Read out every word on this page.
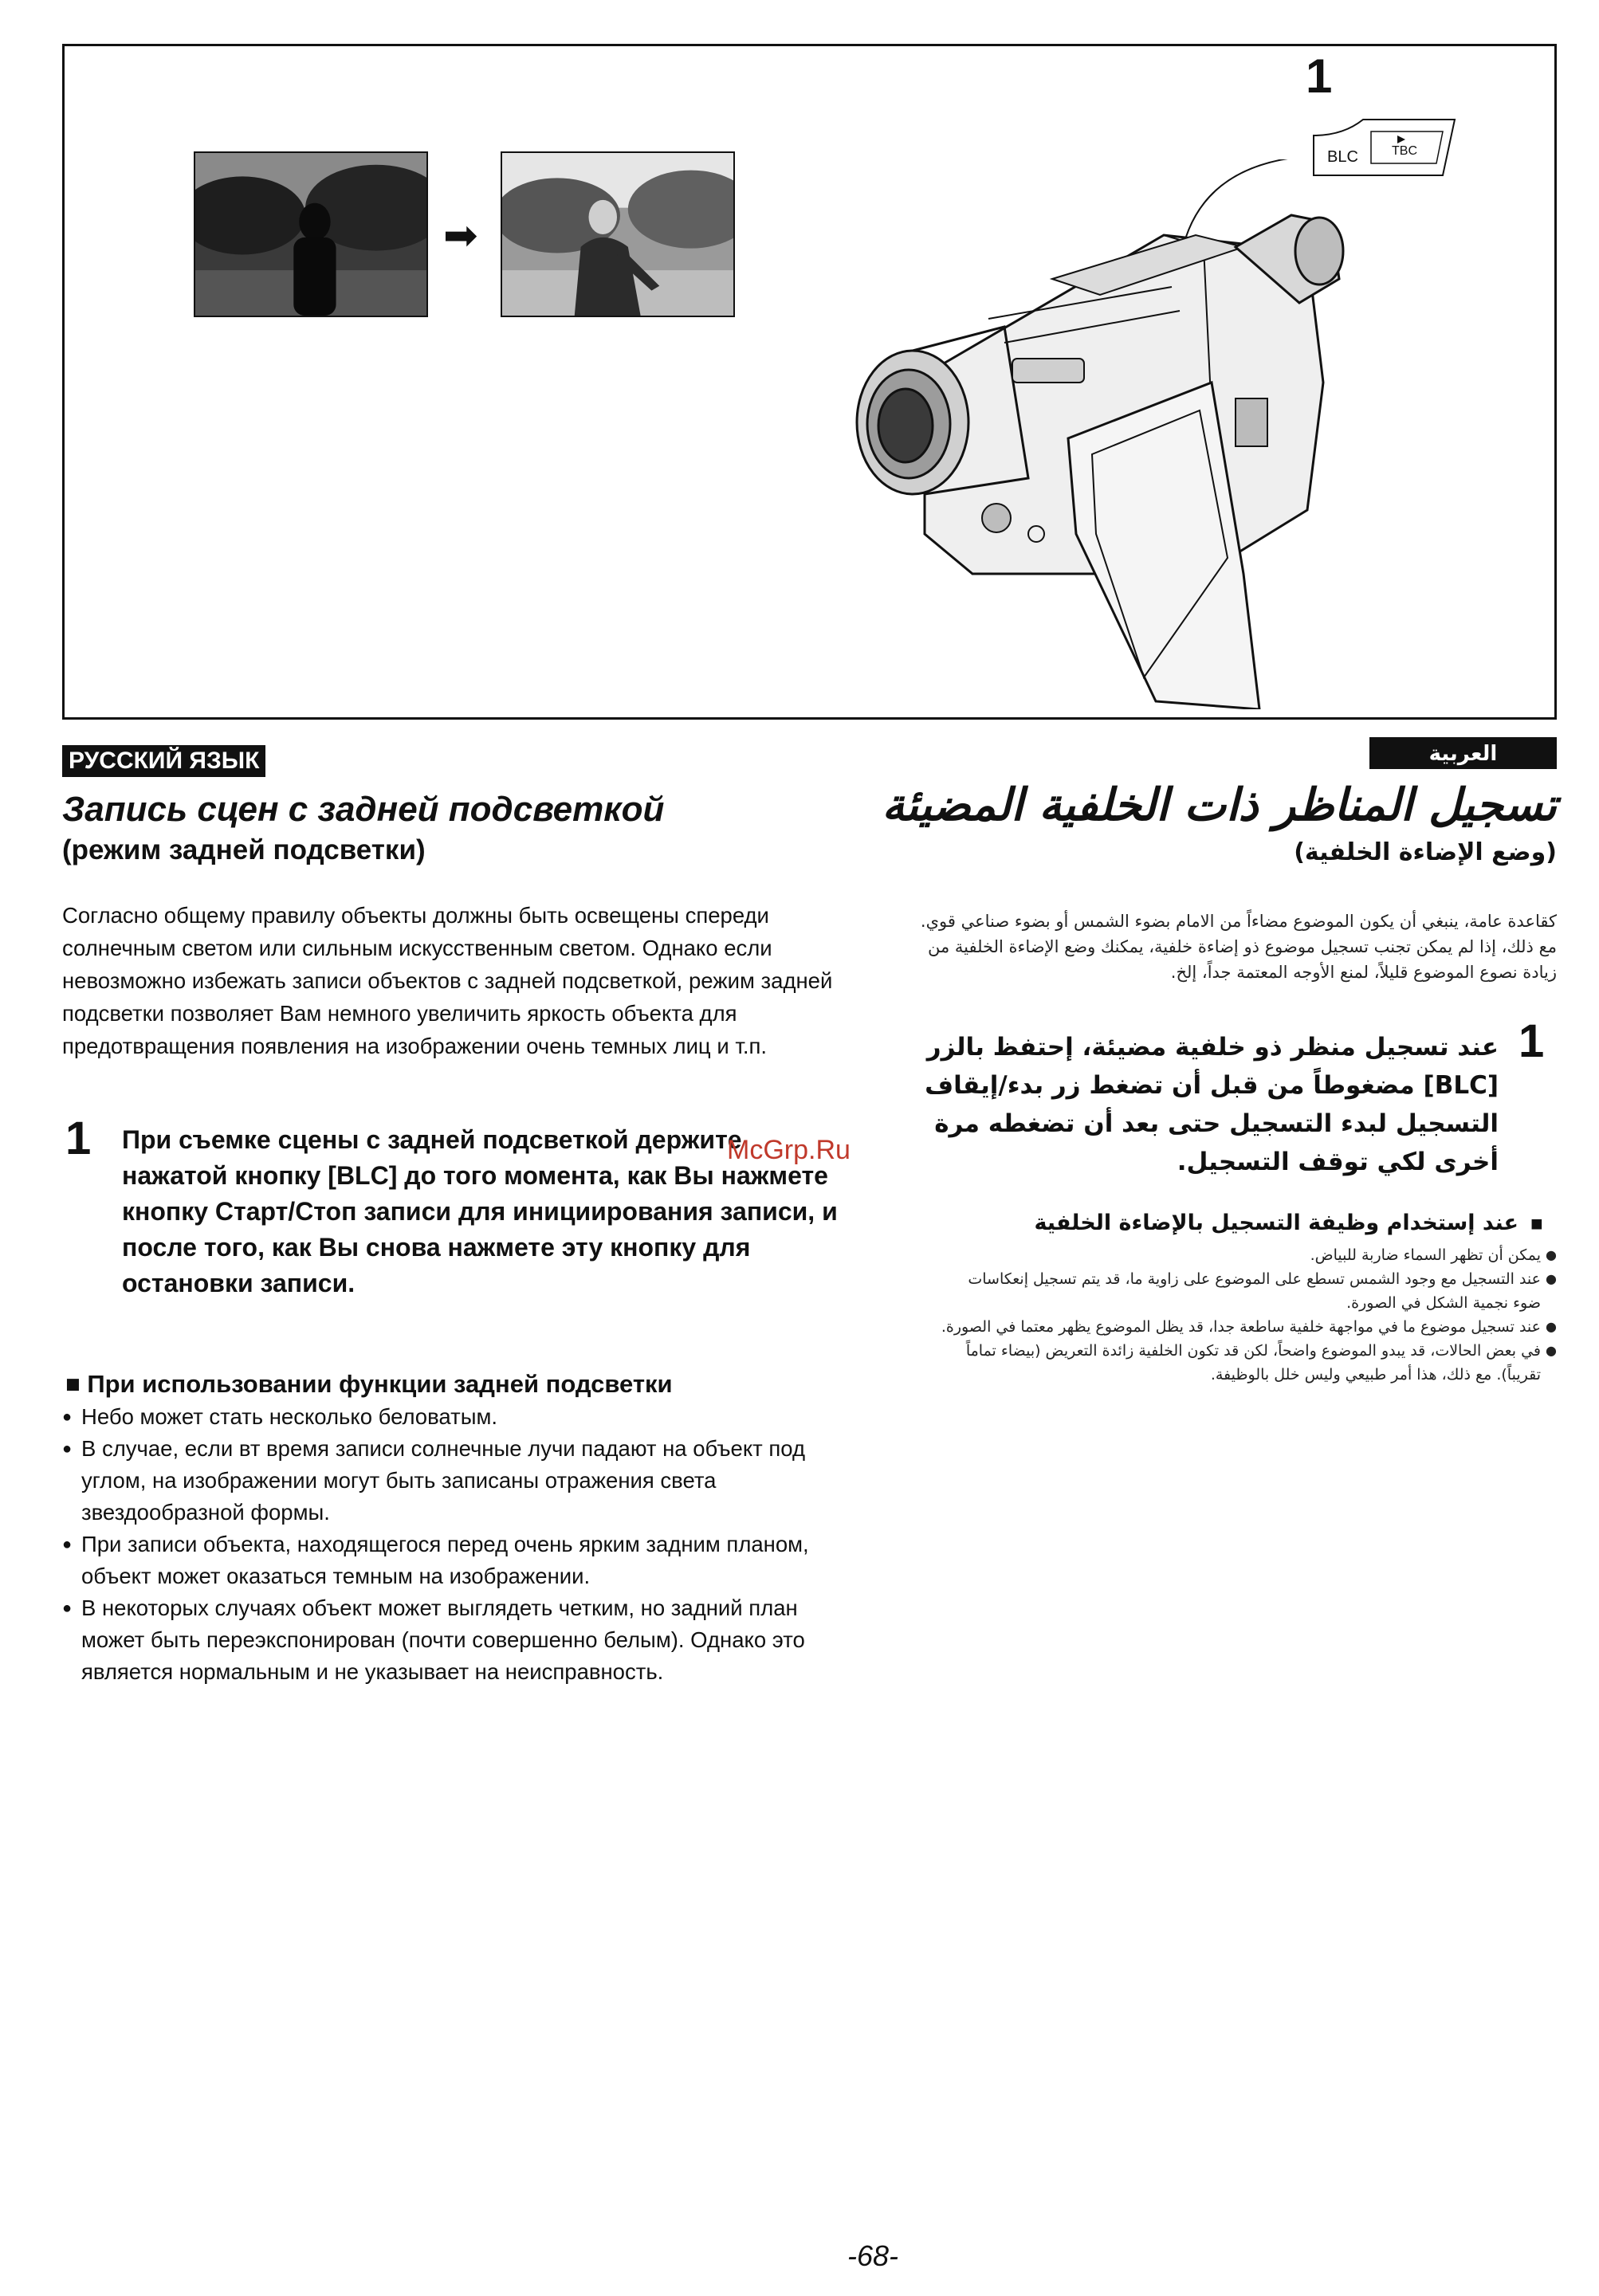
➡
1
BLC	TBC
РУССКИЙ ЯЗЫК	العربية
Запись сцен с задней подсветкой
(режим задней подсветки)
Согласно общему правилу объекты должны быть освещены спереди солнечным светом или сильным искусственным светом. Однако если невозможно избежать записи объектов с задней подсветкой, режим задней подсветки позволяет Вам немного увеличить яркость объекта для предотвращения появления на изображении очень темных лиц и т.п.
1 При съемке сцены с задней подсветкой держите нажатой кнопку [BLC] до того момента, как Вы нажмете кнопку Старт/Стоп записи для инициирования записи, и после того, как Вы снова нажмете эту кнопку для остановки записи.
■ При использовании функции задней подсветки
● Небо может стать несколько беловатым.
● В случае, если вт время записи солнечные лучи падают на объект под углом, на изображении могут быть записаны отражения света звездообразной формы.
● При записи объекта, находящегося перед очень ярким задним планом, объект может оказаться темным на изображении.
● В некоторых случаях объект может выглядеть четким, но задний план может быть переэкспонирован (почти совершенно белым). Однако это является нормальным и не указывает на неисправность.
تسجيل المناظر ذات الخلفية المضيئة
(وضع الإضاءة الخلفية)
كقاعدة عامة، ينبغي أن يكون الموضوع مضاءاً من الامام بضوء الشمس أو بضوء صناعي قوي. مع ذلك، إذا لم يمكن تجنب تسجيل موضوع ذو إضاءة خلفية، يمكنك وضع الإضاءة الخلفية من زيادة نصوع الموضوع قليلاً، لمنع الأوجه المعتمة جداً، إلخ.
1
عند تسجيل منظر ذو خلفية مضيئة، إحتفظ بالزر [BLC] مضغوطاً من قبل أن تضغط زر بدء/إيقاف التسجيل لبدء التسجيل حتى بعد أن تضغطه مرة أخرى لكي توقف التسجيل.
■
عند إستخدام وظيفة التسجيل بالإضاءة الخلفية
● يمكن أن تظهر السماء ضاربة للبياض.
● عند التسجيل مع وجود الشمس تسطع على الموضوع على زاوية ما، قد يتم تسجيل إنعكاسات ضوء نجمية الشكل في الصورة.
● عند تسجيل موضوع ما في مواجهة خلفية ساطعة جدا، قد يظل الموضوع يظهر معتما في الصورة.
● في بعض الحالات، قد يبدو الموضوع واضحاً، لكن قد تكون الخلفية زائدة التعريض (بيضاء تماماً تقريباً). مع ذلك، هذا أمر طبيعي وليس خلل بالوظيفة.
McGrp.Ru
-68-
